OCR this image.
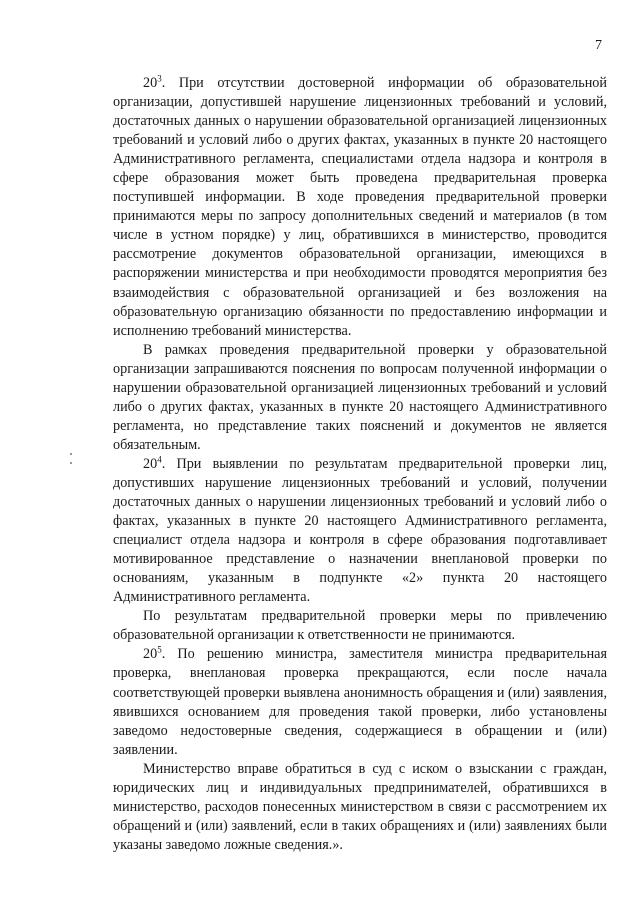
7

$20^3$. При отсутствии достоверной информации об образовательной организации, допустившей нарушение лицензионных требований и условий, достаточных данных о нарушении образовательной организацией лицензионных требований и условий либо о других фактах, указанных в пункте 20 настоящего Административного регламента, специалистами отдела надзора и контроля в сфере образования может быть проведена предварительная проверка поступившей информации. В ходе проведения предварительной проверки принимаются меры по запросу дополнительных сведений и материалов (в том числе в устном порядке) у лиц, обратившихся в министерство, проводится рассмотрение документов образовательной организации, имеющихся в распоряжении министерства и при необходимости проводятся мероприятия без взаимодействия с образовательной организацией и без возложения на образовательную организацию обязанности по предоставлению информации и исполнению требований министерства.

В рамках проведения предварительной проверки у образовательной организации запрашиваются пояснения по вопросам полученной информации о нарушении образовательной организацией лицензионных требований и условий либо о других фактах, указанных в пункте 20 настоящего Административного регламента, но представление таких пояснений и документов не является обязательным.

$20^4$. При выявлении по результатам предварительной проверки лиц, допустивших нарушение лицензионных требований и условий, получении достаточных данных о нарушении лицензионных требований и условий либо о фактах, указанных в пункте 20 настоящего Административного регламента, специалист отдела надзора и контроля в сфере образования подготавливает мотивированное представление о назначении внеплановой проверки по основаниям, указанным в подпункте «2» пункта 20 настоящего Административного регламента.

По результатам предварительной проверки меры по привлечению образовательной организации к ответственности не принимаются.

$20^5$. По решению министра, заместителя министра предварительная проверка, внеплановая проверка прекращаются, если после начала соответствующей проверки выявлена анонимность обращения и (или) заявления, явившихся основанием для проведения такой проверки, либо установлены заведомо недостоверные сведения, содержащиеся в обращении и (или) заявлении.

Министерство вправе обратиться в суд с иском о взыскании с граждан, юридических лиц и индивидуальных предпринимателей, обратившихся в министерство, расходов понесенных министерством в связи с рассмотрением их обращений и (или) заявлений, если в таких обращениях и (или) заявлениях были указаны заведомо ложные сведения.».
